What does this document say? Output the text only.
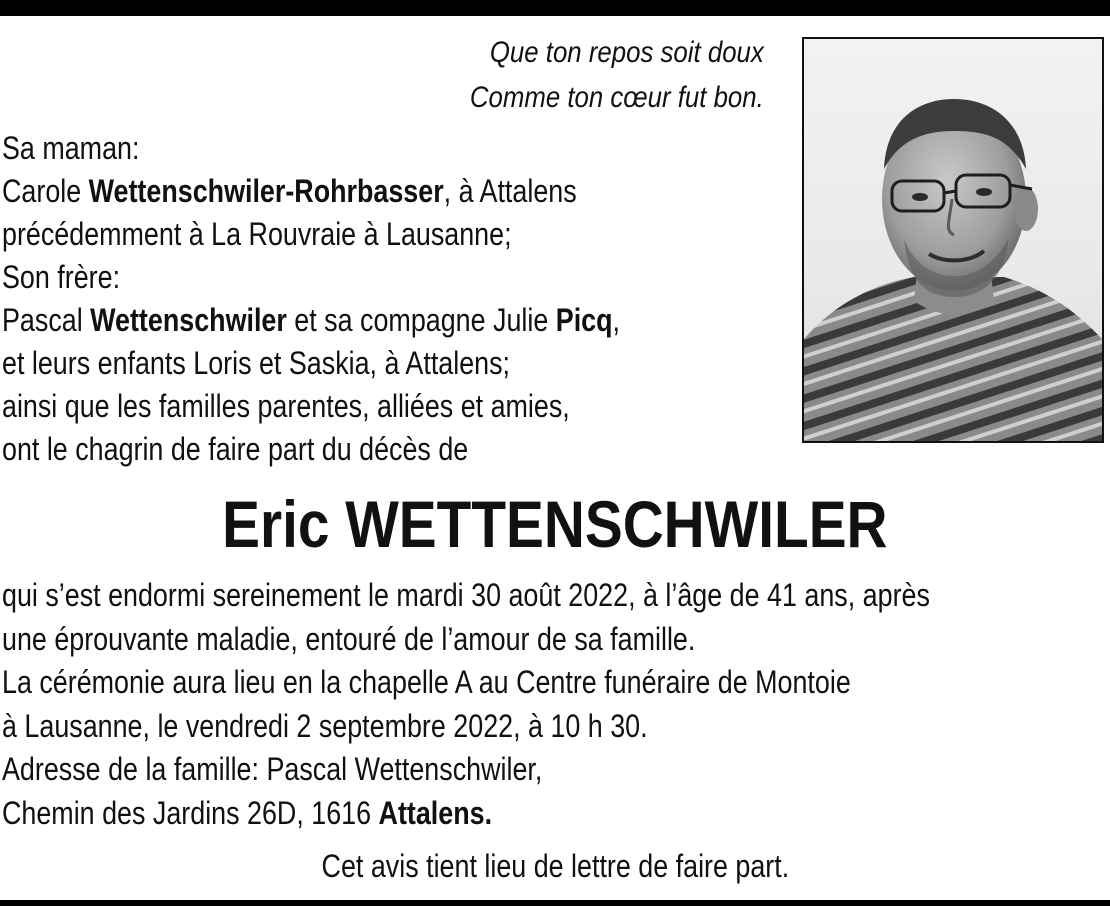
Que ton repos soit doux
Comme ton cœur fut bon.
Sa maman:
Carole Wettenschwiler-Rohrbasser, à Attalens
précédemment à La Rouvraie à Lausanne;
Son frère:
Pascal Wettenschwiler et sa compagne Julie Picq,
et leurs enfants Loris et Saskia, à Attalens;
ainsi que les familles parentes, alliées et amies,
ont le chagrin de faire part du décès de
Eric WETTENSCHWILER
qui s’est endormi sereinement le mardi 30 août 2022, à l’âge de 41 ans, après
une éprouvante maladie, entouré de l’amour de sa famille.
La cérémonie aura lieu en la chapelle A au Centre funéraire de Montoie
à Lausanne, le vendredi 2 septembre 2022, à 10 h 30.
Adresse de la famille: Pascal Wettenschwiler,
Chemin des Jardins 26D, 1616 Attalens.
Cet avis tient lieu de lettre de faire part.
